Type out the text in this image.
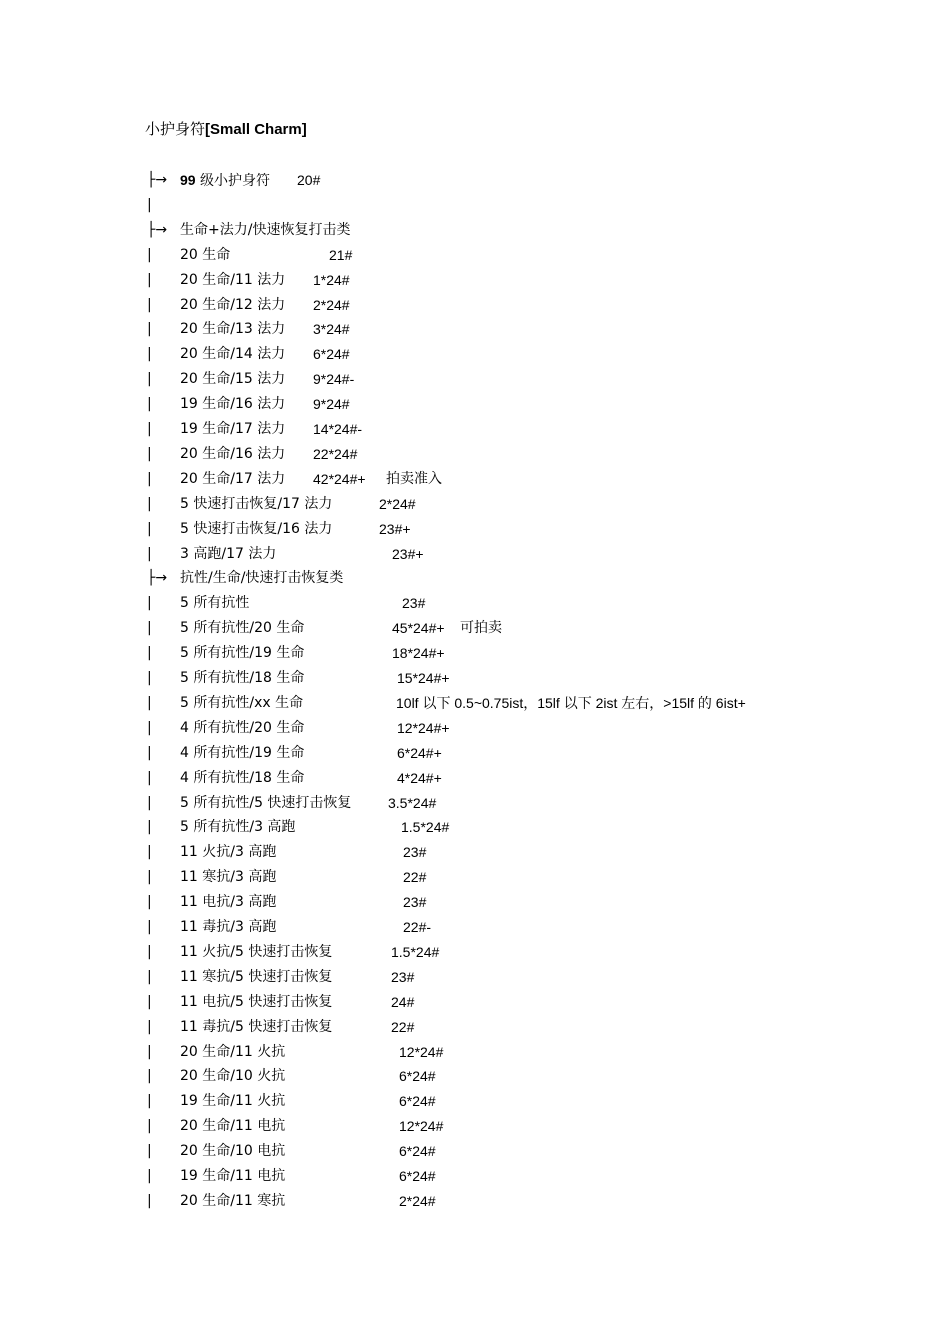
小护身符[Small Charm]
├→ 99 级小护身符 20#
|
├→ 生命+法力/快速恢复打击类
| 20 生命	21#
| 20 生命/11 法力 1*24#
| 20 生命/12 法力 2*24#
| 20 生命/13 法力 3*24#
| 20 生命/14 法力 6*24#
| 20 生命/15 法力 9*24#-
| 19 生命/16 法力 9*24#
| 19 生命/17 法力 14*24#-
| 20 生命/16 法力 22*24#
| 20 生命/17 法力 42*24#+ 拍卖准入
| 5 快速打击恢复/17 法力	2*24#
| 5 快速打击恢复/16 法力	23#+
| 3 高跑/17 法力	23#+
├→ 抗性/生命/快速打击恢复类
| 5 所有抗性	23#
| 5 所有抗性/20 生命	45*24#+ 可拍卖
| 5 所有抗性/19 生命	18*24#+
| 5 所有抗性/18 生命	15*24#+
| 5 所有抗性/xx 生命	10lf 以下 0.5~0.75ist，15lf 以下 2ist 左右，>15lf 的 6ist+
| 4 所有抗性/20 生命	12*24#+
| 4 所有抗性/19 生命	6*24#+
| 4 所有抗性/18 生命	4*24#+
| 5 所有抗性/5 快速打击恢复	3.5*24#
| 5 所有抗性/3 高跑	1.5*24#
| 11 火抗/3 高跑	23#
| 11 寒抗/3 高跑	22#
| 11 电抗/3 高跑	23#
| 11 毒抗/3 高跑	22#-
| 11 火抗/5 快速打击恢复	1.5*24#
| 11 寒抗/5 快速打击恢复	23#
| 11 电抗/5 快速打击恢复	24#
| 11 毒抗/5 快速打击恢复	22#
| 20 生命/11 火抗	12*24#
| 20 生命/10 火抗	6*24#
| 19 生命/11 火抗	6*24#
| 20 生命/11 电抗	12*24#
| 20 生命/10 电抗	6*24#
| 19 生命/11 电抗	6*24#
| 20 生命/11 寒抗	2*24#
